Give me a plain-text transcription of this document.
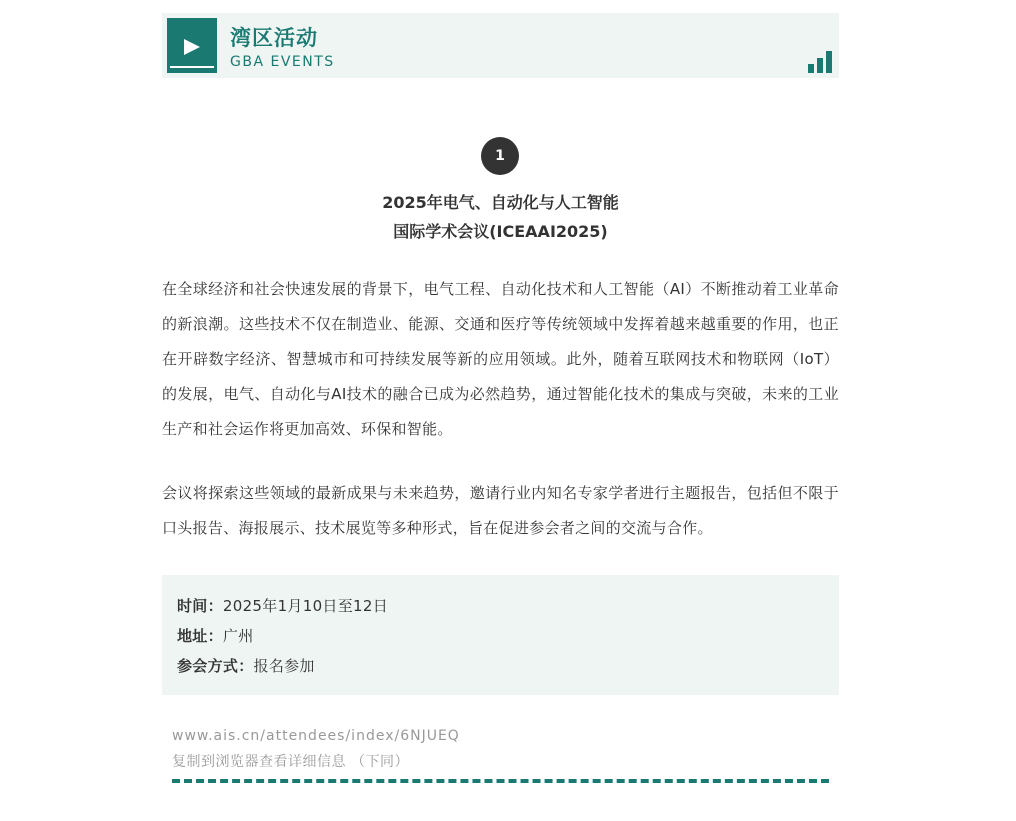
湾区活动
GBA EVENTS
1
2025年电气、自动化与人工智能
国际学术会议(ICEAAI2025)
在全球经济和社会快速发展的背景下，电气工程、自动化技术和人工智能（AI）不断推动着工业革命的新浪潮。这些技术不仅在制造业、能源、交通和医疗等传统领域中发挥着越来越重要的作用，也正在开辟数字经济、智慧城市和可持续发展等新的应用领域。此外，随着互联网技术和物联网（IoT）的发展，电气、自动化与AI技术的融合已成为必然趋势，通过智能化技术的集成与突破，未来的工业生产和社会运作将更加高效、环保和智能。
会议将探索这些领域的最新成果与未来趋势，邀请行业内知名专家学者进行主题报告，包括但不限于口头报告、海报展示、技术展览等多种形式，旨在促进参会者之间的交流与合作。
时间：2025年1月10日至12日
地址：广州
参会方式：报名参加
www.ais.cn/attendees/index/6NJUEQ
复制到浏览器查看详细信息 （下同）
